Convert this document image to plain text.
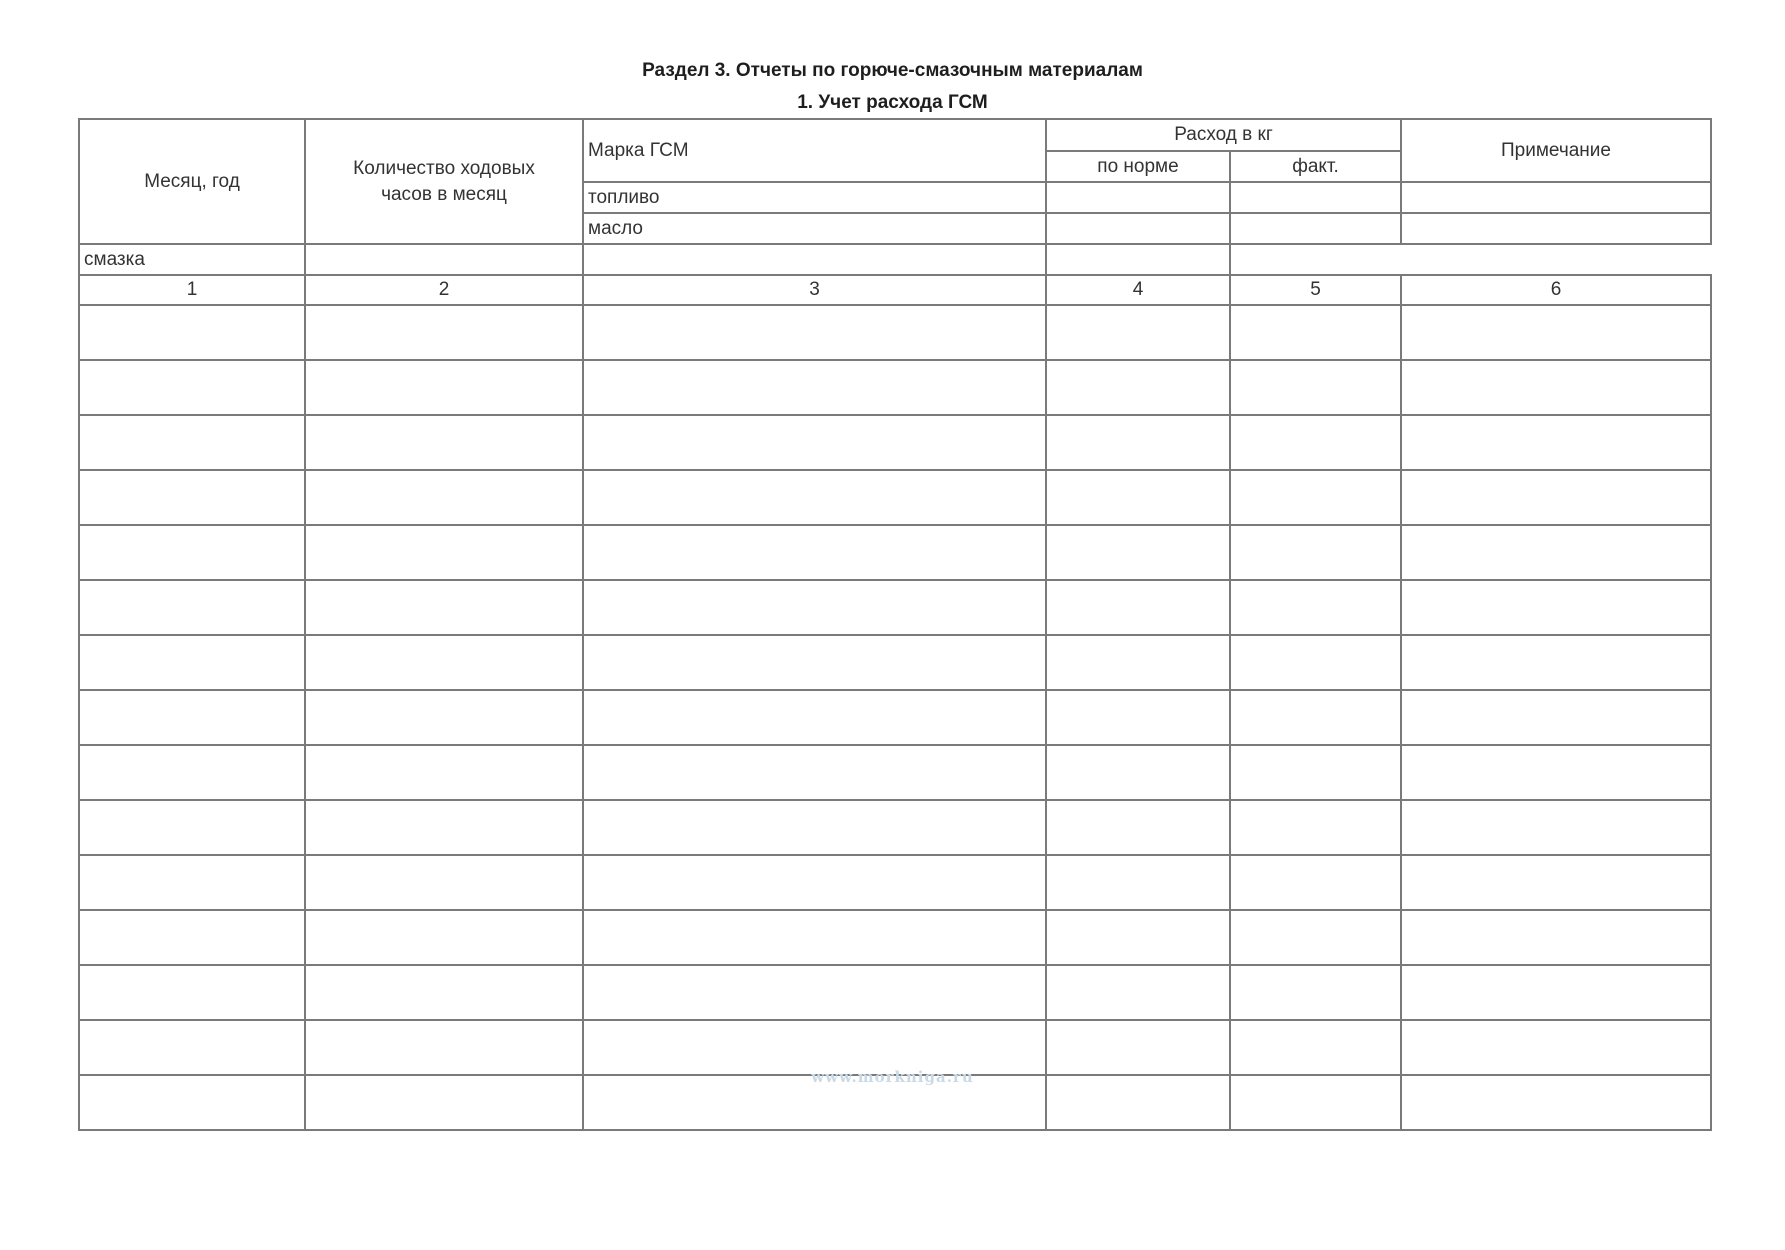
Раздел 3. Отчеты по горюче-смазочным материалам
1. Учет расхода ГСМ
Месяц, год	Количество ходовых часов в месяц	Марка ГСМ	Расход в кг		Примечание
			по норме	факт.	
		топливо			
		масло			
смазка					
1	2	3	4	5	6

www.morkniga.ru
